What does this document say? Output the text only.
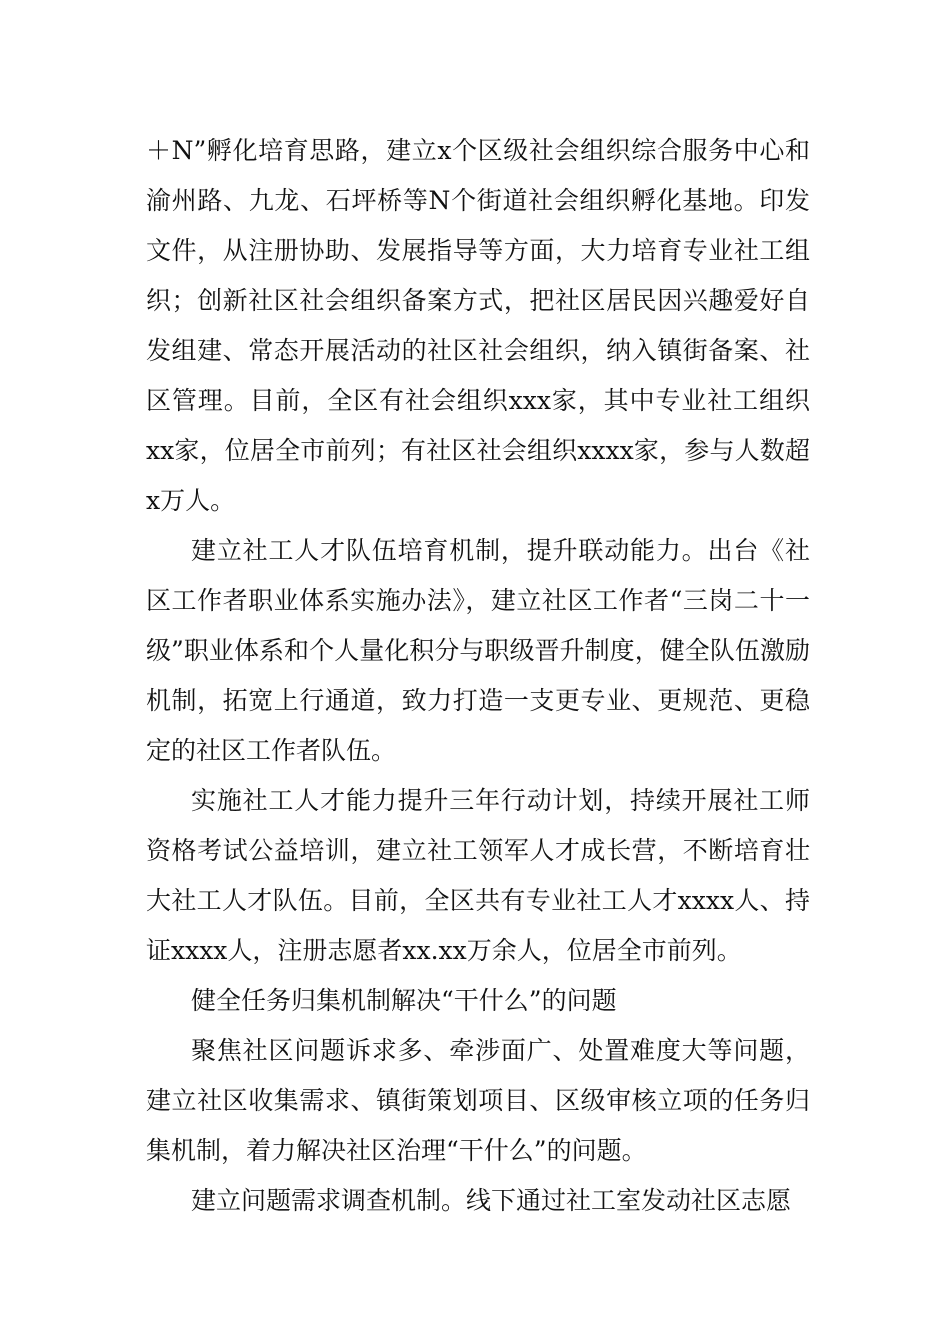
＋N”孵化培育思路，建立x个区级社会组织综合服务中心和渝州路、九龙、石坪桥等N个街道社会组织孵化基地。印发文件，从注册协助、发展指导等方面，大力培育专业社工组织；创新社区社会组织备案方式，把社区居民因兴趣爱好自发组建、常态开展活动的社区社会组织，纳入镇街备案、社区管理。目前，全区有社会组织xxx家，其中专业社工组织xx家，位居全市前列；有社区社会组织xxxx家，参与人数超x万人。

建立社工人才队伍培育机制，提升联动能力。出台《社区工作者职业体系实施办法》，建立社区工作者“三岗二十一级”职业体系和个人量化积分与职级晋升制度，健全队伍激励机制，拓宽上行通道，致力打造一支更专业、更规范、更稳定的社区工作者队伍。

实施社工人才能力提升三年行动计划，持续开展社工师资格考试公益培训，建立社工领军人才成长营，不断培育壮大社工人才队伍。目前，全区共有专业社工人才xxxx人、持证xxxx人，注册志愿者xx.xx万余人，位居全市前列。

健全任务归集机制解决“干什么”的问题

聚焦社区问题诉求多、牵涉面广、处置难度大等问题，建立社区收集需求、镇街策划项目、区级审核立项的任务归集机制，着力解决社区治理“干什么”的问题。

建立问题需求调查机制。线下通过社工室发动社区志愿
